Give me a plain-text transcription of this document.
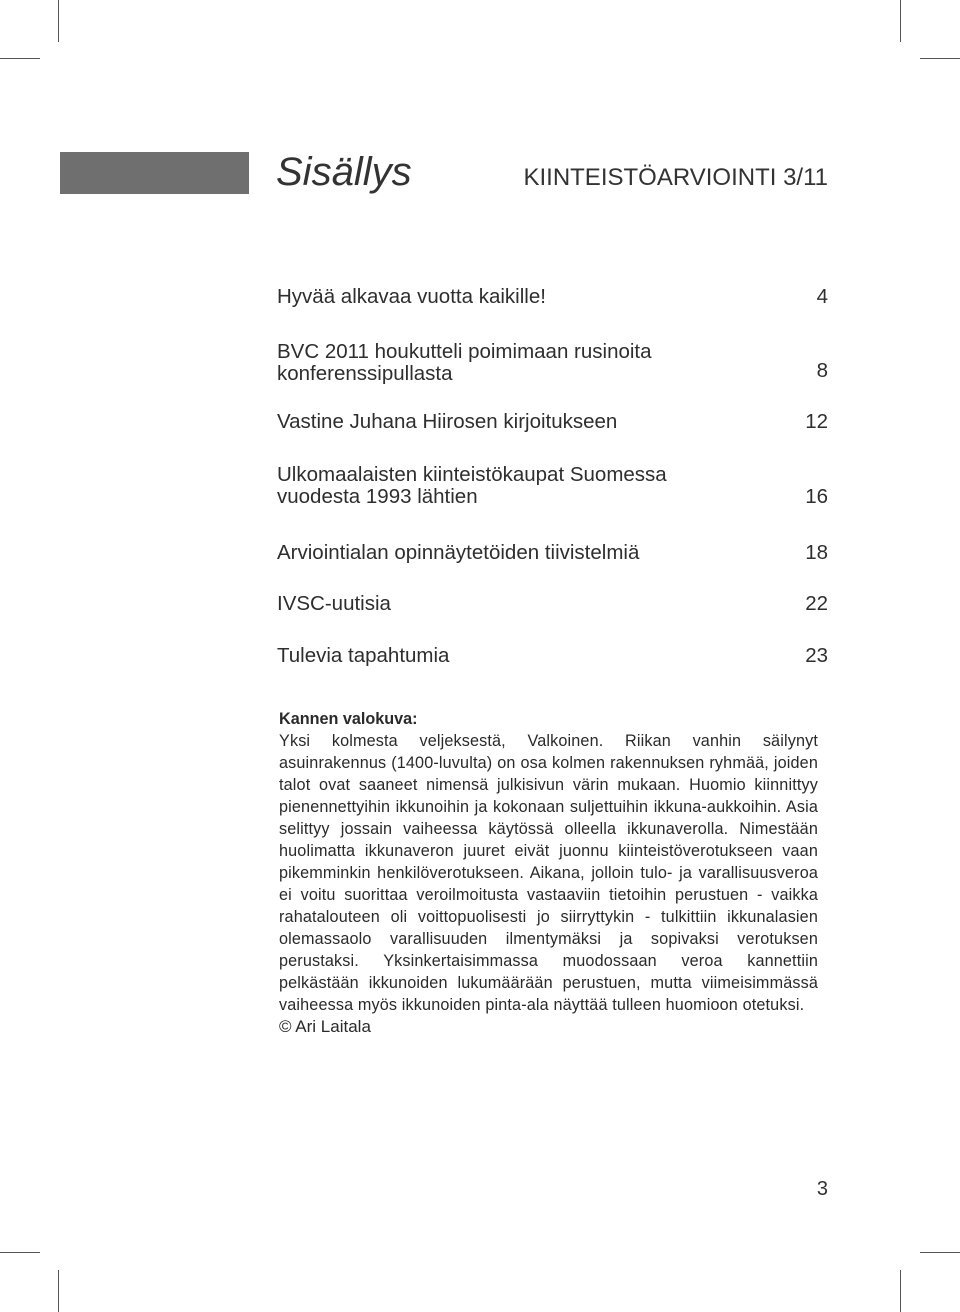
Sisällys	KIINTEISTÖARVIOINTI 3/11
Hyvää alkavaa vuotta kaikille!	4
BVC 2011 houkutteli poimimaan rusinoita konferenssipullasta	8
Vastine Juhana Hiirosen kirjoitukseen	12
Ulkomaalaisten kiinteistökaupat Suomessa vuodesta 1993 lähtien	16
Arviointialan opinnäytetöiden tiivistelmiä	18
IVSC-uutisia	22
Tulevia tapahtumia	23
Kannen valokuva:
Yksi kolmesta veljeksestä, Valkoinen. Riikan vanhin säilynyt asuinrakennus (1400-luvulta) on osa kolmen rakennuksen ryhmää, joiden talot ovat saaneet nimensä julkisivun värin mukaan. Huomio kiinnittyy pienennettyihin ikkunoihin ja kokonaan suljettuihin ikkuna-aukkoihin. Asia selittyy jossain vaiheessa käytössä olleella ikkunaverolla. Nimestään huolimatta ikkunaveron juuret eivät juonnu kiinteistöverotukseen vaan pikemminkin henkilöverotukseen. Aikana, jolloin tulo- ja varallisuusveroa ei voitu suorittaa veroilmoitusta vastaaviin tietoihin perustuen - vaikka rahatalouteen oli voittopuolisesti jo siirryttykin - tulkittiin ikkunalasien olemassaolo varallisuuden ilmentymäksi ja sopivaksi verotuksen perustaksi. Yksinkertaisimmassa muodossaan veroa kannettiin pelkästään ikkunoiden lukumäärään perustuen, mutta viimeisimmässä vaiheessa myös ikkunoiden pinta-ala näyttää tulleen huomioon otetuksi.
© Ari Laitala
3
